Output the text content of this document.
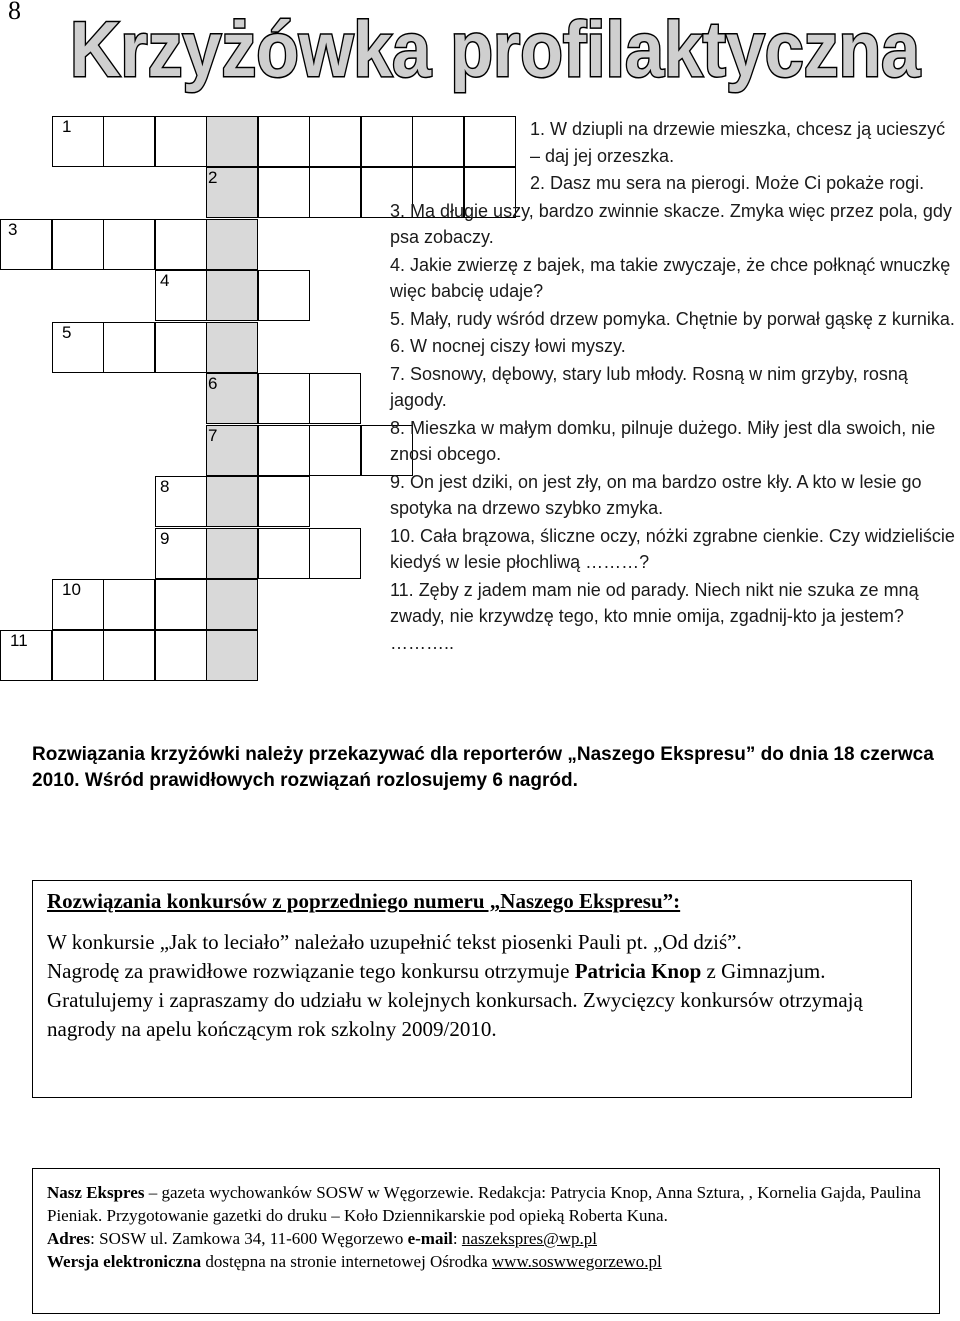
8 Krzyżówka profilaktyczna
1
2
3
4
5
6
7
8
9
10
11
1. W dziupli na drzewie mieszka, chcesz ją ucieszyć – daj jej orzeszka.
2. Dasz mu sera na pierogi. Może Ci pokaże rogi.
3. Ma długie uszy, bardzo zwinnie skacze. Zmyka więc przez pola, gdy psa zobaczy.
4. Jakie zwierzę z bajek, ma takie zwyczaje, że chce połknąć wnuczkę więc babcię udaje?
5. Mały, rudy wśród drzew pomyka. Chętnie by porwał gąskę z kurnika.
6. W nocnej ciszy łowi myszy.
7. Sosnowy, dębowy, stary lub młody. Rosną w nim grzyby, rosną jagody.
8. Mieszka w małym domku, pilnuje dużego. Miły jest dla swoich, nie znosi obcego.
9. On jest dziki, on jest zły, on ma bardzo ostre kły. A kto w lesie go spotyka na drzewo szybko zmyka.
10. Cała brązowa, śliczne oczy, nóżki zgrabne cienkie. Czy widzieliście kiedyś w lesie płochliwą ………?
11. Zęby z jadem mam nie od parady. Niech nikt nie szuka ze mną zwady, nie krzywdzę tego, kto mnie omija, zgadnij-kto ja jestem? ………..
Rozwiązania krzyżówki należy przekazywać dla reporterów „Naszego Ekspresu” do dnia 18 czerwca 2010. Wśród prawidłowych rozwiązań rozlosujemy 6 nagród.
Rozwiązania konkursów z poprzedniego numeru „Naszego Ekspresu”:

W konkursie „Jak to leciało” należało uzupełnić tekst piosenki Pauli pt. „Od dziś”.

Nagrodę za prawidłowe rozwiązanie tego konkursu otrzymuje Patricia Knop z Gimnazjum.

Gratulujemy i zapraszamy do udziału w kolejnych konkursach. Zwycięzcy konkursów otrzymają nagrody na apelu kończącym rok szkolny 2009/2010.

Nasz Ekspres – gazeta wychowanków SOSW w Węgorzewie. Redakcja: Patrycia Knop, Anna Sztura, , Kornelia Gajda, Paulina Pieniak. Przygotowanie gazetki do druku – Koło Dziennikarskie pod opieką Roberta Kuna.

Adres: SOSW ul. Zamkowa 34, 11-600 Węgorzewo e-mail: naszekspres@wp.pl

Wersja elektroniczna dostępna na stronie internetowej Ośrodka www.soswwegorzewo.pl
